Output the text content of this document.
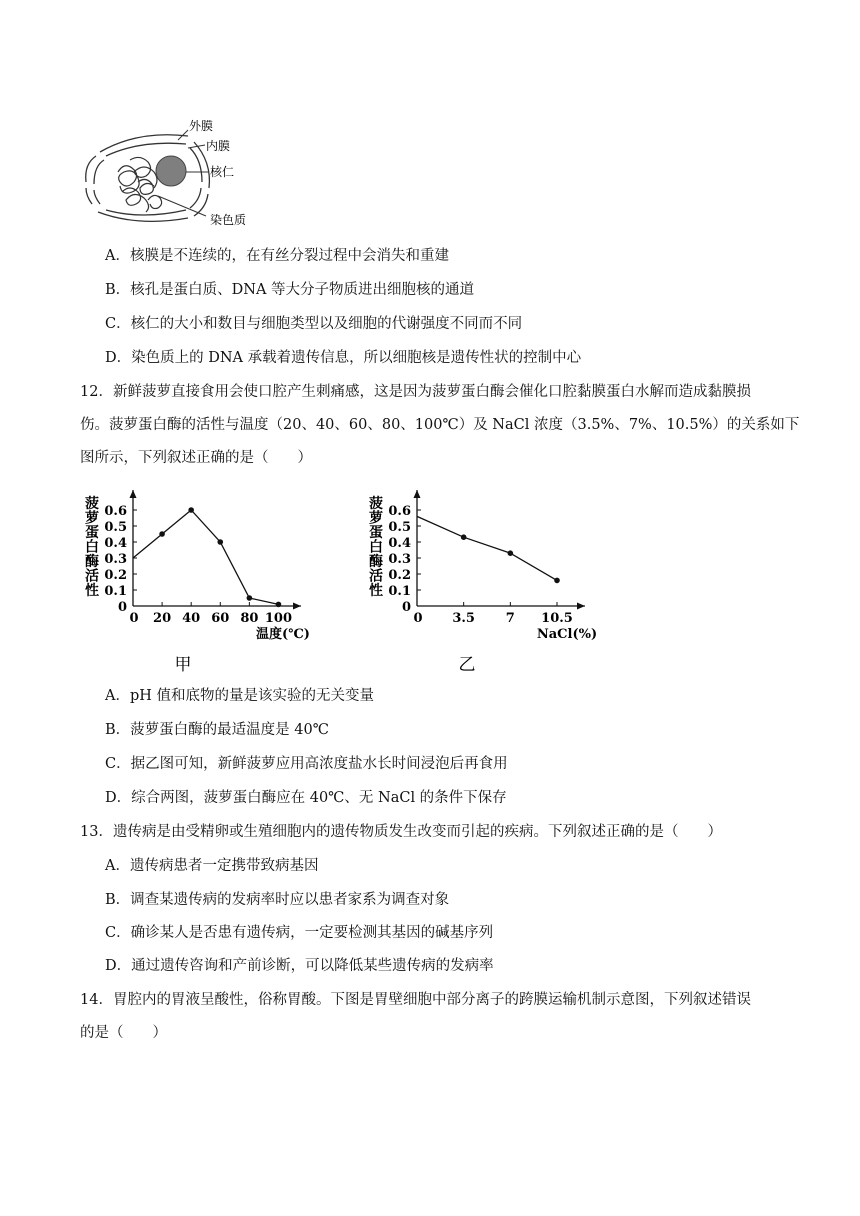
外膜
内膜
核仁
染色质
A．核膜是不连续的，在有丝分裂过程中会消失和重建
B．核孔是蛋白质、DNA 等大分子物质进出细胞核的通道
C．核仁的大小和数目与细胞类型以及细胞的代谢强度不同而不同
D．染色质上的 DNA 承载着遗传信息，所以细胞核是遗传性状的控制中心
12．新鲜菠萝直接食用会使口腔产生刺痛感，这是因为菠萝蛋白酶会催化口腔黏膜蛋白水解而造成黏膜损
伤。菠萝蛋白酶的活性与温度（20、40、60、80、100℃）及 NaCl 浓度（3.5%、7%、10.5%）的关系如下
图所示，下列叙述正确的是（　　）
菠
萝
蛋
白
酶
活
性
0
0.1
0.2
0.3
0.4
0.5
0.6
0 20 40 60 80 100
温度(℃)
甲
菠
萝
蛋
白
酶
活
性
0
0.1
0.2
0.3
0.4
0.5
0.6
0 3.5 7 10.5
NaCl(%)
乙
A．pH 值和底物的量是该实验的无关变量
B．菠萝蛋白酶的最适温度是 40℃
C．据乙图可知，新鲜菠萝应用高浓度盐水长时间浸泡后再食用
D．综合两图，菠萝蛋白酶应在 40℃、无 NaCl 的条件下保存
13．遗传病是由受精卵或生殖细胞内的遗传物质发生改变而引起的疾病。下列叙述正确的是（　　）
A．遗传病患者一定携带致病基因
B．调查某遗传病的发病率时应以患者家系为调查对象
C．确诊某人是否患有遗传病，一定要检测其基因的碱基序列
D．通过遗传咨询和产前诊断，可以降低某些遗传病的发病率
14．胃腔内的胃液呈酸性，俗称胃酸。下图是胃壁细胞中部分离子的跨膜运输机制示意图，下列叙述错误
的是（　　）
